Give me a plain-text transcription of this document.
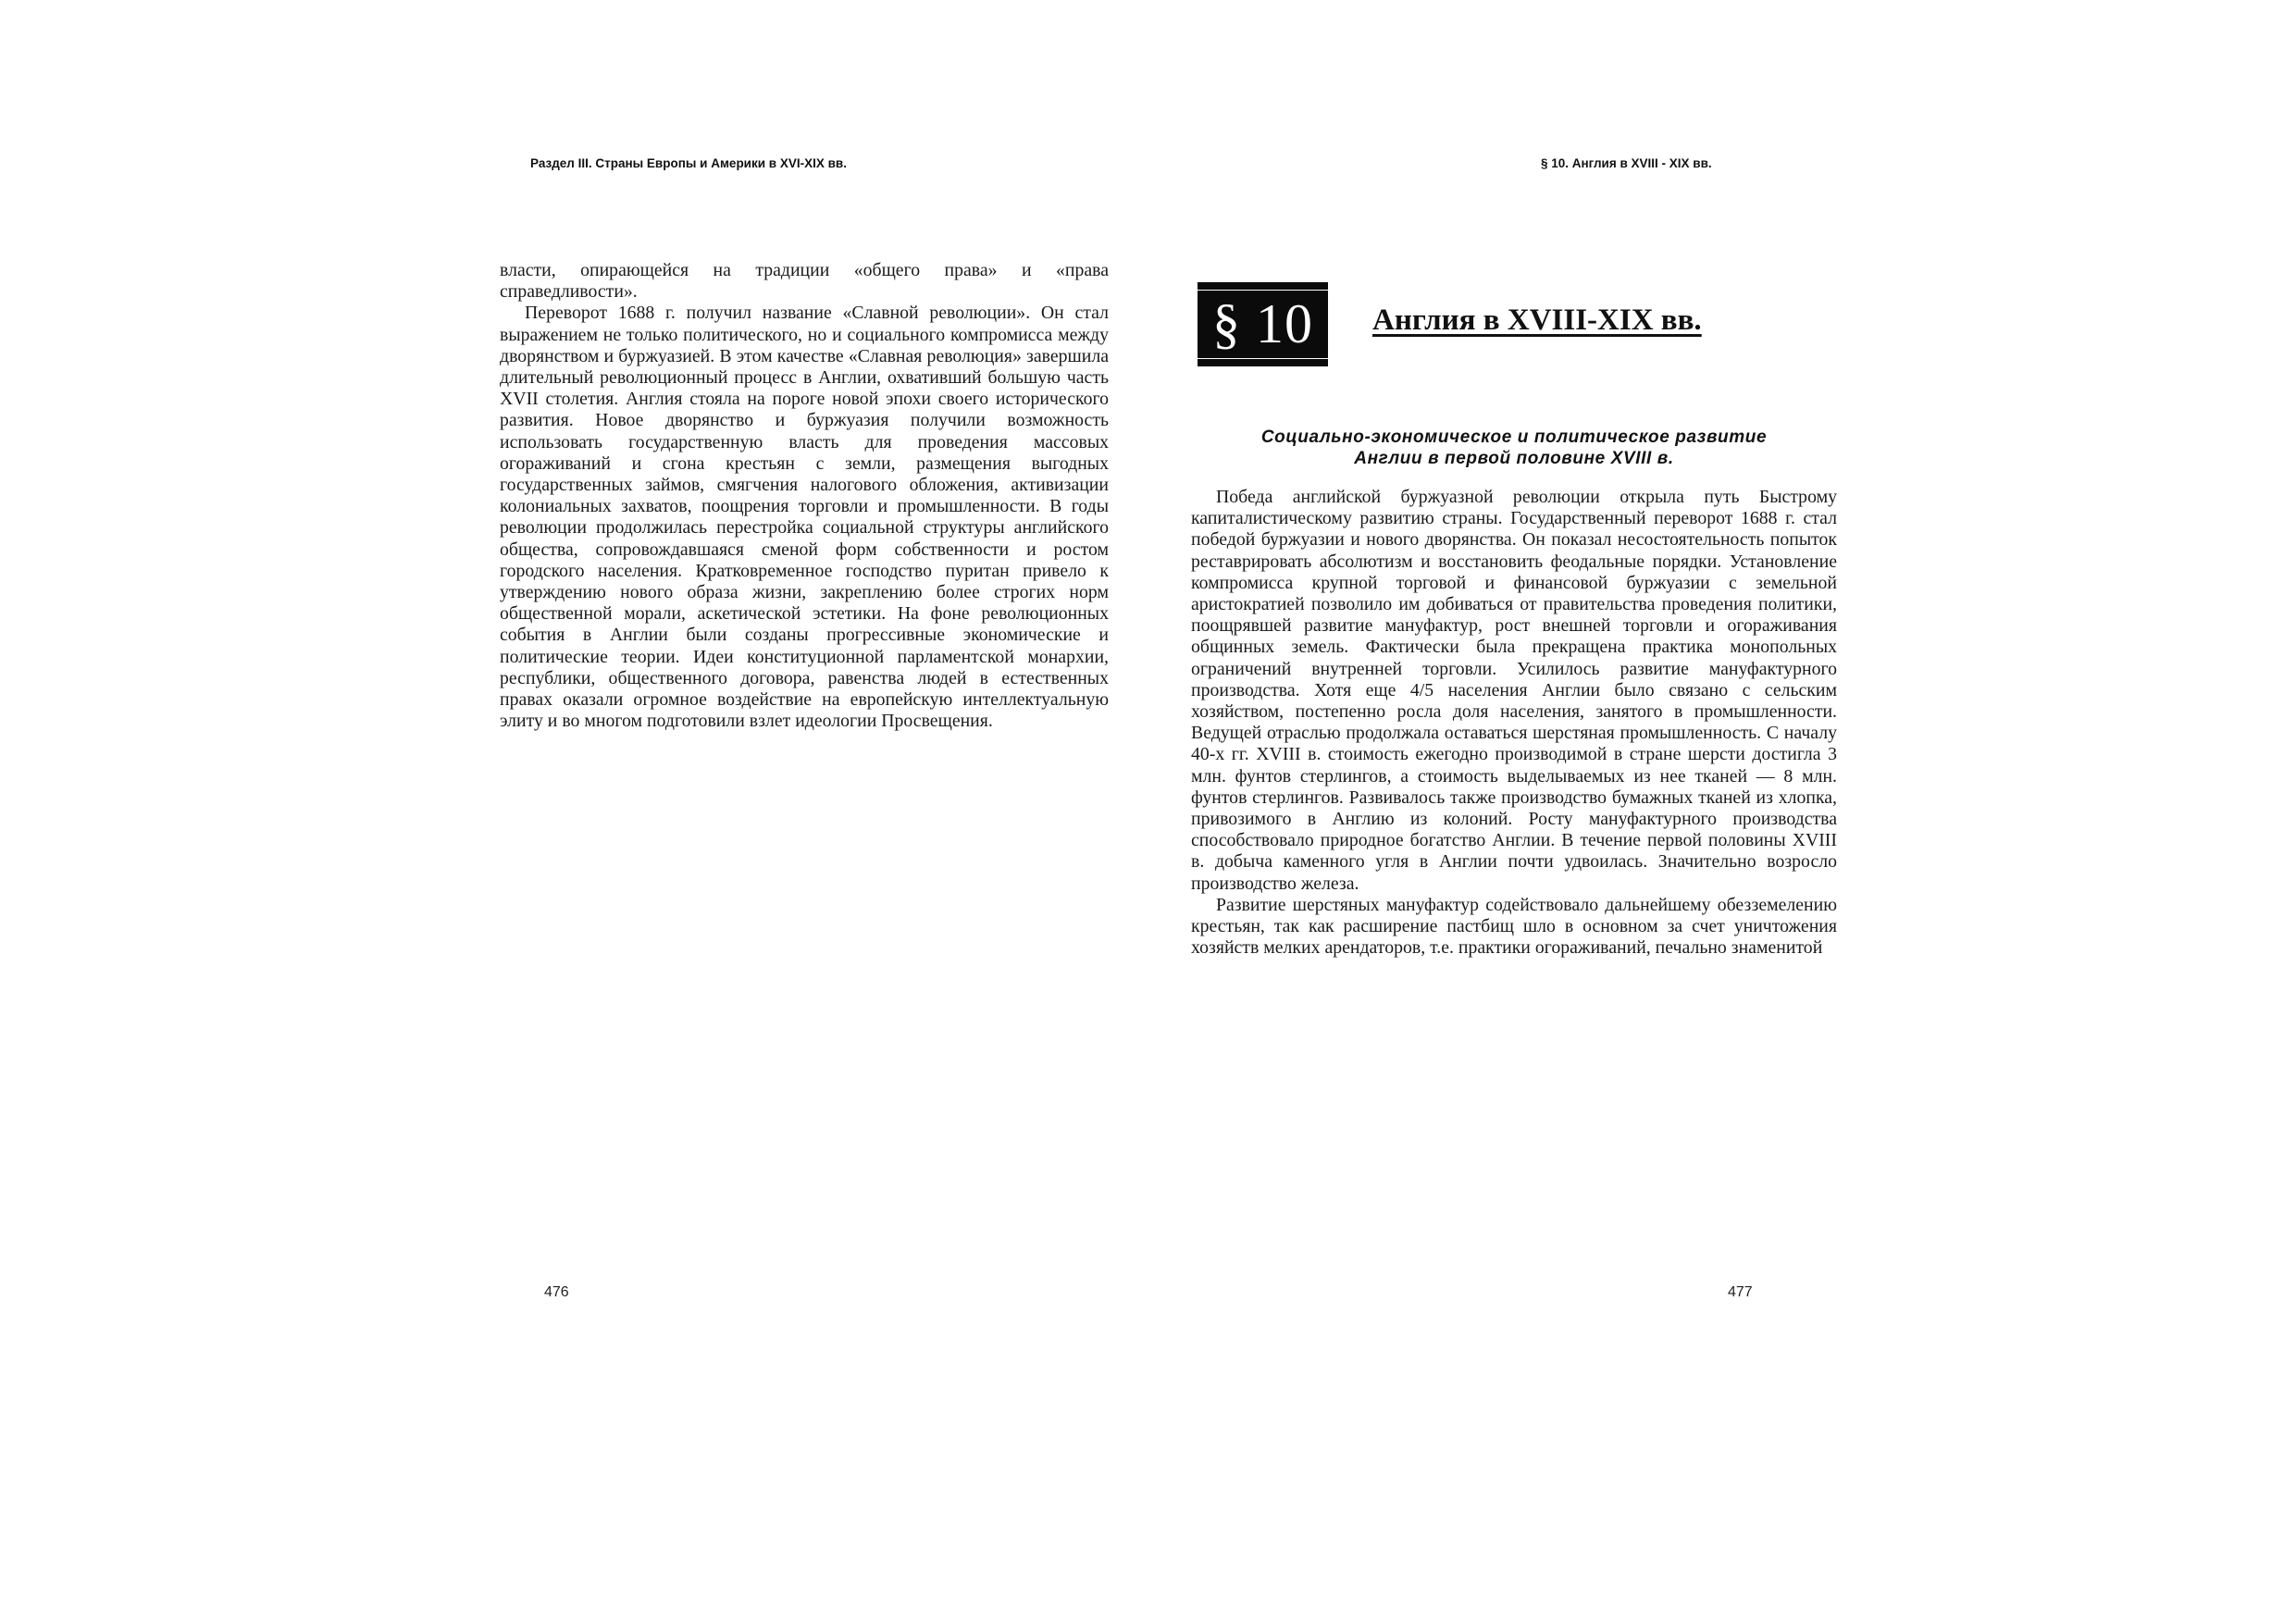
Раздел III. Страны Европы и Америки в XVI-XIX вв.

власти, опирающейся на традиции «общего права» и «права справедливости».

Переворот 1688 г. получил название «Славной революции». Он стал выражением не только политического, но и социального компромисса между дворянством и буржуазией. В этом качестве «Славная революция» завершила длительный революционный процесс в Англии, охвативший большую часть XVII столетия. Англия стояла на пороге новой эпохи своего исторического развития. Новое дворянство и буржуазия получили возможность использовать государственную власть для проведения массовых огораживаний и сгона крестьян с земли, размещения выгодных государственных займов, смягчения налогового обложения, активизации колониальных захватов, поощрения торговли и промышленности. В годы революции продолжилась перестройка социальной структуры английского общества, сопровождавшаяся сменой форм собственности и ростом городского населения. Кратковременное господство пуритан привело к утверждению нового образа жизни, закреплению более строгих норм общественной морали, аскетической эстетики. На фоне революционных события в Англии были созданы прогрессивные экономические и политические теории. Идеи конституционной парламентской монархии, республики, общественного договора, равенства людей в естественных правах оказали огромное воздействие на европейскую интеллектуальную элиту и во многом подготовили взлет идеологии Просвещения.

476
§ 10. Англия в XVIII - XIX вв.
§ 10	Англия в XVIII-XIX вв.
Социально-экономическое и политическое развитие
Англии в первой половине XVIII в.

Победа английской буржуазной революции открыла путь Быстрому капиталистическому развитию страны. Государственный переворот 1688 г. стал победой буржуазии и нового дворянства. Он показал несостоятельность попыток реставрировать абсолютизм и восстановить феодальные порядки. Установление компромисса крупной торговой и финансовой буржуазии с земельной аристократией позволило им добиваться от правительства проведения политики, поощрявшей развитие мануфактур, рост внешней торговли и огораживания общинных земель. Фактически была прекращена практика монопольных ограничений внутренней торговли. Усилилось развитие мануфактурного производства. Хотя еще 4/5 населения Англии было связано с сельским хозяйством, постепенно росла доля населения, занятого в промышленности. Ведущей отраслью продолжала оставаться шерстяная промышленность. С началу 40-х гг. XVIII в. стоимость ежегодно производимой в стране шерсти достигла 3 млн. фунтов стерлингов, а стоимость выделываемых из нее тканей — 8 млн. фунтов стерлингов. Развивалось также производство бумажных тканей из хлопка, привозимого в Англию из колоний. Росту мануфактурного производства способствовало природное богатство Англии. В течение первой половины XVIII в. добыча каменного угля в Англии почти удвоилась. Значительно возросло производство железа.

Развитие шерстяных мануфактур содействовало дальнейшему обезземелению крестьян, так как расширение пастбищ шло в основном за счет уничтожения хозяйств мелких арендаторов, т.е. практики огораживаний, печально знаменитой

477
